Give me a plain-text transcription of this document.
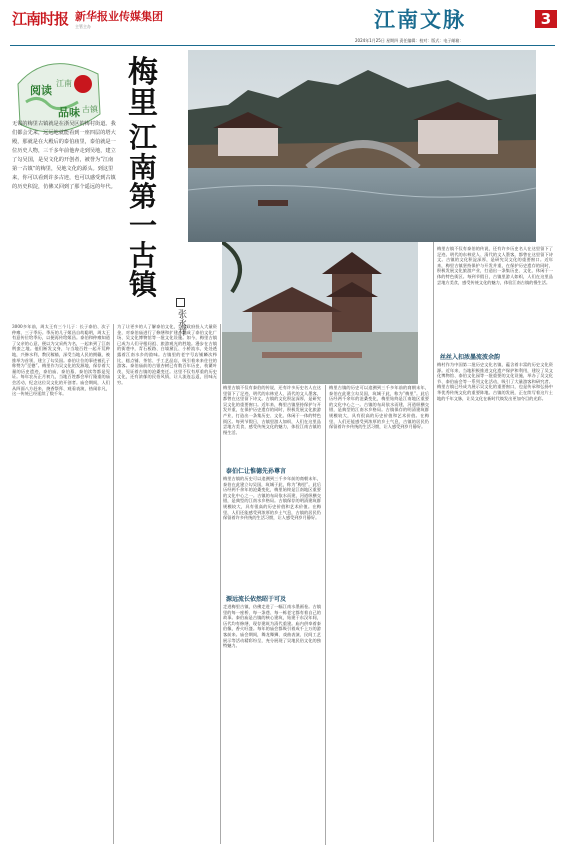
江南时报 新华报业传媒集团
主管主办	江南文脉	3
2024年1月25日 星期四 责任编辑：校对：版式：电子邮箱：
阅读
品味
江南
古镇
梅里
江
南
第
一
古
镇
张永祥
无锡的梅里古镇就是在浙吴区的梅村街道。我们都会先来，远远地就能看到一座四层的塔大殿，那就是在大殿后的泰伯庙里，泰伯就是一位历史人物，三千多年前他奔走到吴地，建立了勾吴国，是吴文化的开创者，被誉为“江南第一古镇”的梅里，吴地文化的源头。到这里来，你可以看到许多古迹，也可以感受到古镇的历史积淀，仿佛又回到了那个遥远的年代。
3000多年前，周太王有三个儿子：长子泰伯、次子仲雍、三子季历。季历的儿子姬昌自幼聪明，周太王有意传位给季历，以便再传给姬昌。泰伯和仲雍知道了父亲的心意，便以为父采药为名，一起来到了江南荆蛮之地。他们断发文身，与当地百姓一起开荒种地，兴修水利，教民稼穑，深受当地人民的拥戴，被推举为首领，建立了勾吴国。泰伯让位的事迹被孔子称赞为“至德”。梅里作为吴文化的发源地，保存着大量的历史遗迹，泰伯庙、泰伯墓、泰伯渎等都是见证。每年农历正月初九，当地百姓都会举行隆重的庙会活动，纪念这位吴文化的开创者。庙会期间，人们从四面八方赶来，烧香祭拜、观看表演，热闹非凡，这一传统已经延续了数千年。
为了让更多的人了解泰伯文化，当地政府投入大量资金，对泰伯庙进行了修缮和扩建，建成了泰伯文化广场、吴文化博物馆等一批文化设施。如今，梅里古镇已成为人们寻根问祖、旅游观光的胜地。漫步在古镇的街巷中，青石板路、白墙黛瓦、小桥流水，处处透露着江南水乡的韵味。古镇里的老字号店铺鳞次栉比，糕点铺、茶馆、手工艺品店，吸引着来来往往的游客。泰伯庙前的古银杏树已有数百年历史，枝繁叶茂，见证着古镇的沧桑变迁。这里不仅有厚重的历史文化，还有浓郁的民俗风情，让人流连忘返，回味无穷。
梅里古镇不仅有泰伯的传说，还有许多历史名人在这里留下了足迹。明代的东林党人、清代的文人墨客，都曾在这里留下诗文。古镇的文化积淀深厚，是研究吴文化的重要窗口。近年来，梅里古镇坚持保护与开发并重，在保护历史遗存的同时，积极发展文化旅游产业，打造出一条集历史、文化、休闲于一体的特色街区。每到节假日，古镇里游人如织，人们在这里品尝地方美食，感受传统文化的魅力，体验江南古镇的慢生活。
泰伯仁让惟德先孙尊言
梅里古镇的历史可以追溯到三千多年前的商朝末年，泰伯在此建立勾吴国，筑城于此，称为“梅里”。此后历经两千余年的沧桑变化，梅里始终是江南地区重要的文化中心之一。古镇的布局依水而建，河道纵横交错，是典型的江南水乡格局。古镇保存的明清建筑群规模较大，具有很高的历史价值和艺术价值。在梅里，人们还能感受到浓厚的乡土气息，古镇的居民仍保留着许多传统的生活习惯，让人感受到岁月静好。
源远流长依然昭于可及
走进梅里古镇，仿佛走进了一幅江南水墨画卷。古镇里的每一座桥、每一条巷、每一栋老宅都有着自己的故事。泰伯庙是古镇的核心建筑，始建于东汉年间，历代均有修缮，现存建筑为清代重建。庙内供奉着泰伯像，香火旺盛。每年的庙会都吸引着成千上万的游客前来。庙会期间，舞龙舞狮、戏曲表演、民间工艺展示等活动精彩纷呈，充分展现了吴地民俗文化的独特魅力。
梅里古镇的历史可以追溯到三千多年前的商朝末年，泰伯在此建立勾吴国，筑城于此，称为“梅里”。此后历经两千余年的沧桑变化，梅里始终是江南地区重要的文化中心之一。古镇的布局依水而建，河道纵横交错，是典型的江南水乡格局。古镇保存的明清建筑群规模较大，具有很高的历史价值和艺术价值。在梅里，人们还能感受到浓厚的乡土气息，古镇的居民仍保留着许多传统的生活习惯，让人感受到岁月静好。
梅里古镇不仅有泰伯的传说，还有许多历史名人在这里留下了足迹。明代的东林党人、清代的文人墨客，都曾在这里留下诗文。古镇的文化积淀深厚，是研究吴文化的重要窗口。近年来，梅里古镇坚持保护与开发并重，在保护历史遗存的同时，积极发展文化旅游产业，打造出一条集历史、文化、休闲于一体的特色街区。每到节假日，古镇里游人如织，人们在这里品尝地方美食，感受传统文化的魅力，体验江南古镇的慢生活。
丝丝入扣浓墨流波余韵
梅村作为中国第二批历史文化名镇，蕴含着丰富的历史文化资源。近年来，当地积极推进文化遗产保护和利用，建设了吴文化博物馆、泰伯文化园等一批重要的文化设施，举办了吴文化节、泰伯庙会等一系列文化活动，吸引了大量游客和研究者。梅里古镇已经成为展示吴文化的重要窗口，也是传承和弘扬中华优秀传统文化的重要阵地。古镇的发展，正在续写着这片土地的千年文脉，让吴文化在新时代焕发出更加夺目的光彩。
